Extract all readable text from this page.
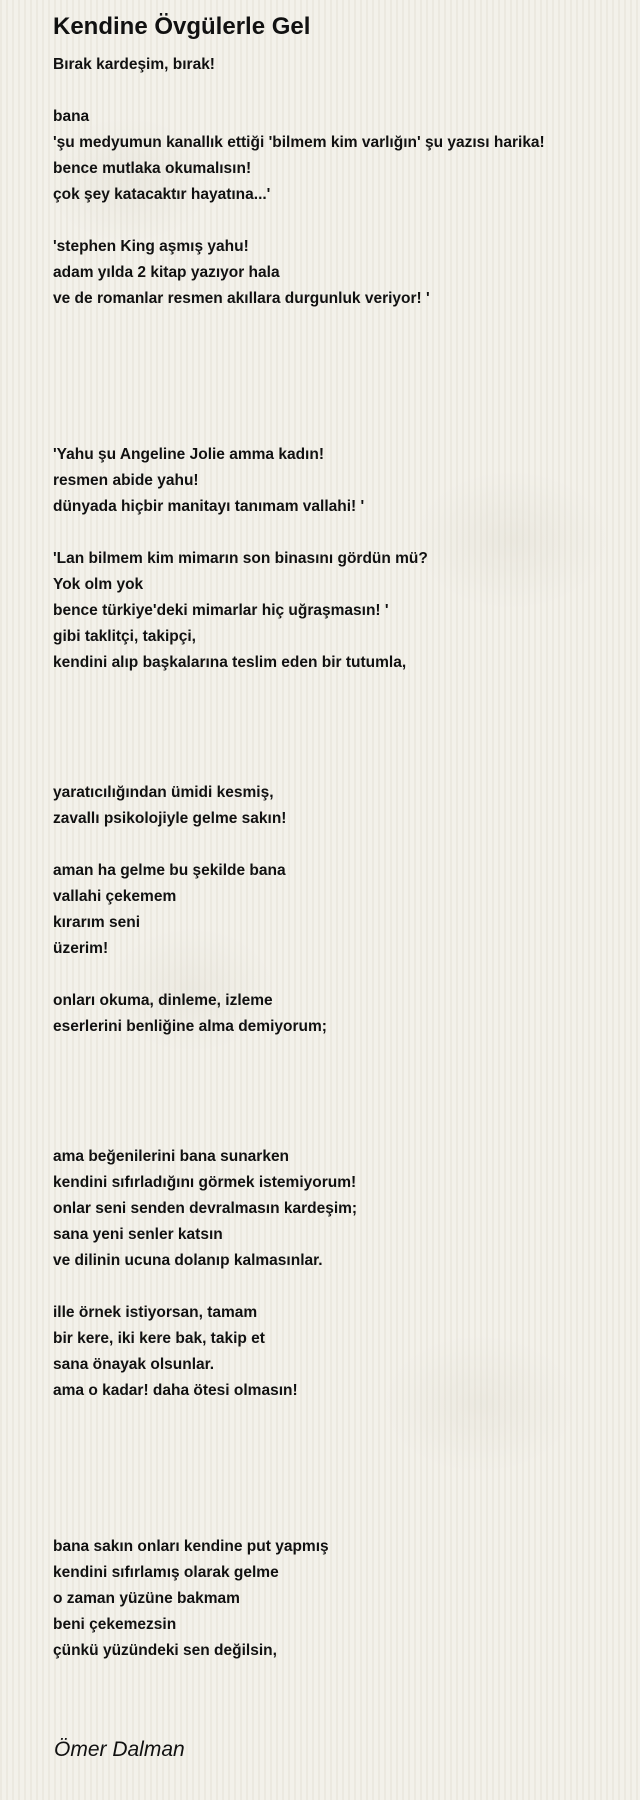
Kendine Övgülerle Gel
Bırak kardeşim, bırak!
bana
'şu medyumun kanallık ettiği 'bilmem kim varlığın' şu yazısı harika!
bence mutlaka okumalısın!
çok şey katacaktır hayatına...'
'stephen King aşmış yahu!
adam yılda 2 kitap yazıyor hala
ve de romanlar resmen akıllara durgunluk veriyor! '
'Yahu şu Angeline Jolie amma kadın!
resmen abide yahu!
dünyada hiçbir manitayı tanımam vallahi! '
'Lan bilmem kim mimarın son binasını gördün mü?
Yok olm yok
bence türkiye'deki mimarlar hiç uğraşmasın! '
gibi taklitçi, takipçi,
kendini alıp başkalarına teslim eden bir tutumla,
yaratıcılığından ümidi kesmiş,
zavallı psikolojiyle gelme sakın!
aman ha gelme bu şekilde bana
vallahi çekemem
kırarım seni
üzerim!
onları okuma, dinleme, izleme
eserlerini benliğine alma demiyorum;
ama beğenilerini bana sunarken
kendini sıfırladığını görmek istemiyorum!
onlar seni senden devralmasın kardeşim;
sana yeni senler katsın
ve dilinin ucuna dolanıp kalmasınlar.
ille örnek istiyorsan, tamam
bir kere, iki kere bak, takip et
sana önayak olsunlar.
ama o kadar! daha ötesi olmasın!
bana sakın onları kendine put yapmış
kendini sıfırlamış olarak gelme
o zaman yüzüne bakmam
beni çekemezsin
çünkü yüzündeki sen değilsin,
Ömer Dalman
